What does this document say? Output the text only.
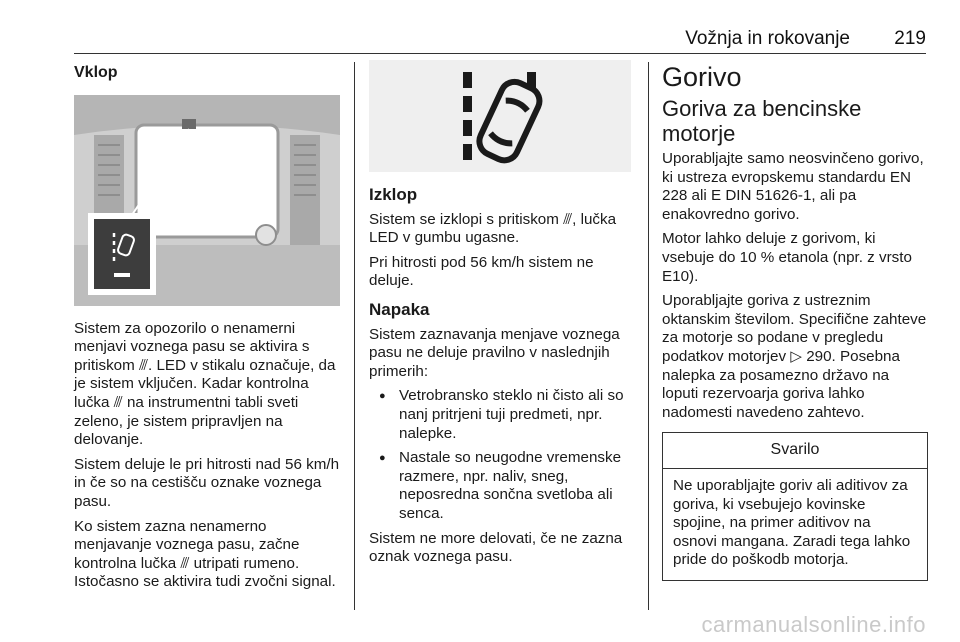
Vožnja in rokovanje 219
Vklop

Sistem za opozorilo o nenamerni menjavi voznega pasu se aktivira s pritiskom ⫻. LED v stikalu označuje, da je sistem vključen. Kadar kontrolna lučka ⫻ na instrumentni tabli sveti zeleno, je sistem pripravljen na delovanje.

Sistem deluje le pri hitrosti nad 56 km/h in če so na cestišču oznake voznega pasu.

Ko sistem zazna nenamerno menjavanje voznega pasu, začne kontrolna lučka ⫻ utripati rumeno. Istočasno se aktivira tudi zvočni signal.

Izklop

Sistem se izklopi s pritiskom ⫻, lučka LED v gumbu ugasne.

Pri hitrosti pod 56 km/h sistem ne deluje.

Napaka

Sistem zaznavanja menjave voznega pasu ne deluje pravilno v naslednjih primerih:

● Vetrobransko steklo ni čisto ali so nanj pritrjeni tuji predmeti, npr. nalepke.
● Nastale so neugodne vremenske razmere, npr. naliv, sneg, neposredna sončna svetloba ali senca.

Sistem ne more delovati, če ne zazna oznak voznega pasu.

Gorivo
Goriva za bencinske motorje

Uporabljajte samo neosvinčeno gorivo, ki ustreza evropskemu standardu EN 228 ali E DIN 51626-1, ali pa enakovredno gorivo.

Motor lahko deluje z gorivom, ki vsebuje do 10 % etanola (npr. z vrsto E10).

Uporabljajte goriva z ustreznim oktanskim številom. Specifične zahteve za motorje so podane v pregledu podatkov motorjev ▷ 290. Posebna nalepka za posamezno državo na loputi rezervoarja goriva lahko nadomesti navedeno zahtevo.

Svarilo
Ne uporabljajte goriv ali aditivov za goriva, ki vsebujejo kovinske spojine, na primer aditivov na osnovi mangana. Zaradi tega lahko pride do poškodb motorja.
carmanualsonline.info
